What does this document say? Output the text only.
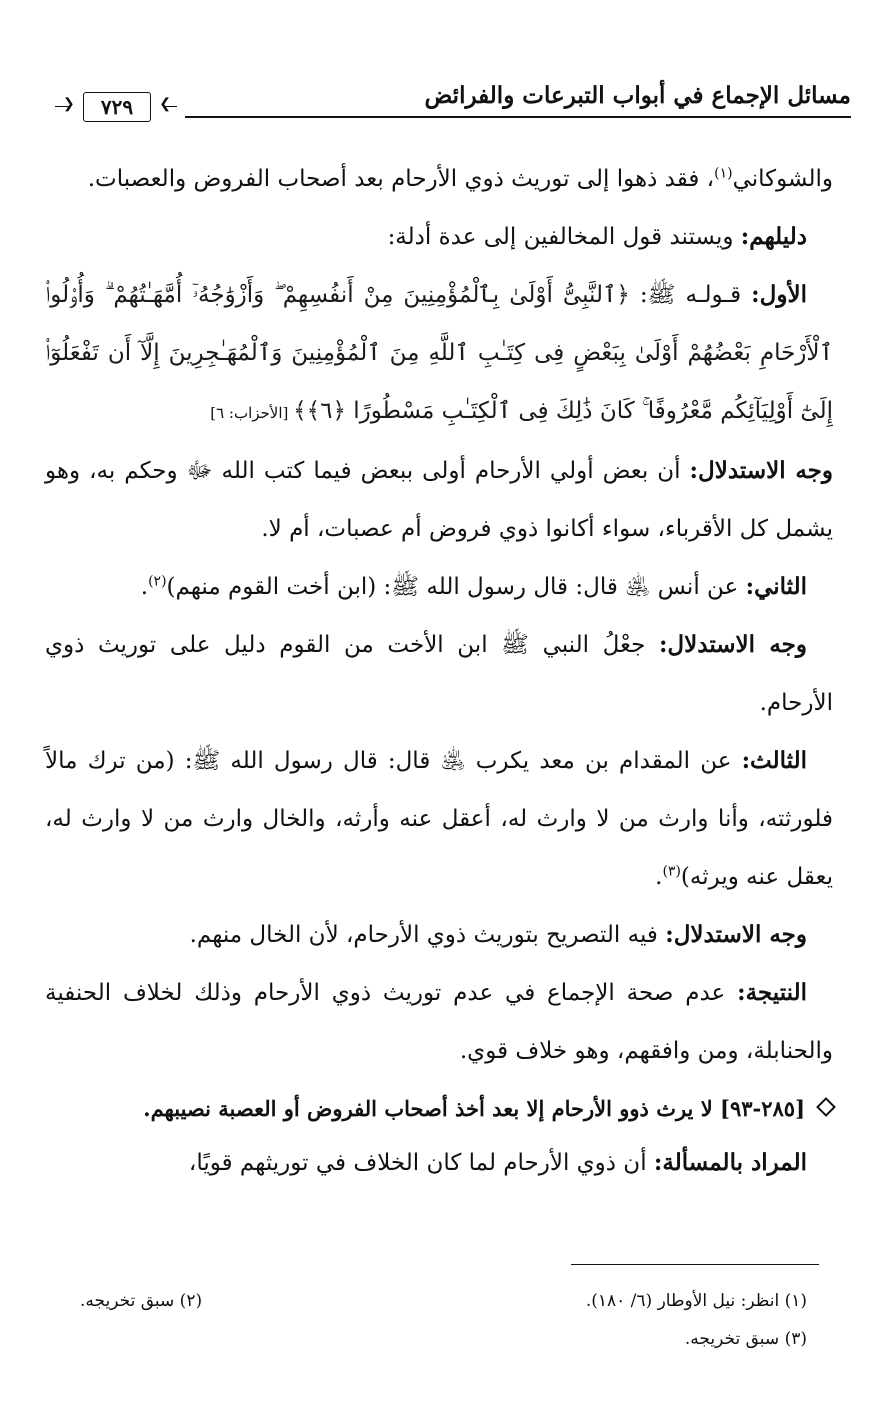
مسائل الإجماع في أبواب التبرعات والفرائض
❮	٧٢٩	❯

والشوكاني$^{(١)}$، فقد ذهوا إلى توريث ذوي الأرحام بعد أصحاب الفروض والعصبات.

دليلهم: ويستند قول المخالفين إلى عدة أدلة:

الأول: قـولـه ﷺ: ﴿ٱلنَّبِىُّ أَوْلَىٰ بِٱلْمُؤْمِنِينَ مِنْ أَنفُسِهِمْ ۖ وَأَزْوَٰجُهُۥٓ أُمَّهَـٰتُهُمْ ۗ وَأُو۟لُوا۟ ٱلْأَرْحَامِ بَعْضُهُمْ أَوْلَىٰ بِبَعْضٍ فِى كِتَـٰبِ ٱللَّهِ مِنَ ٱلْمُؤْمِنِينَ وَٱلْمُهَـٰجِرِينَ إِلَّآ أَن تَفْعَلُوٓا۟ إِلَىٰٓ أَوْلِيَآئِكُم مَّعْرُوفًا ۚ كَانَ ذَٰلِكَ فِى ٱلْكِتَـٰبِ مَسْطُورًا ﴿٦﴾﴾ [الأحزاب: ٦]

وجه الاستدلال: أن بعض أولي الأرحام أولى ببعض فيما كتب الله ﷻ وحكم به، وهو يشمل كل الأقرباء، سواء أكانوا ذوي فروض أم عصبات، أم لا.

الثاني: عن أنس ﵁ قال: قال رسول الله ﷺ: (ابن أخت القوم منهم)$^{(٢)}$.

وجه الاستدلال: جعْلُ النبي ﷺ ابن الأخت من القوم دليل على توريث ذوي الأرحام.

الثالث: عن المقدام بن معد يكرب ﵁ قال: قال رسول الله ﷺ: (من ترك مالاً فلورثته، وأنا وارث من لا وارث له، أعقل عنه وأرثه، والخال وارث من لا وارث له، يعقل عنه ويرثه)$^{(٣)}$.

وجه الاستدلال: فيه التصريح بتوريث ذوي الأرحام، لأن الخال منهم.

النتيجة: عدم صحة الإجماع في عدم توريث ذوي الأرحام وذلك لخلاف الحنفية والحنابلة، ومن وافقهم، وهو خلاف قوي.

[٢٨٥-٩٣] لا يرث ذوو الأرحام إلا بعد أخذ أصحاب الفروض أو العصبة نصيبهم.

المراد بالمسألة: أن ذوي الأرحام لما كان الخلاف في توريثهم قويًا،

(١) انظر: نيل الأوطار (٦/ ١٨٠).
(٢) سبق تخريجه.
(٣) سبق تخريجه.
